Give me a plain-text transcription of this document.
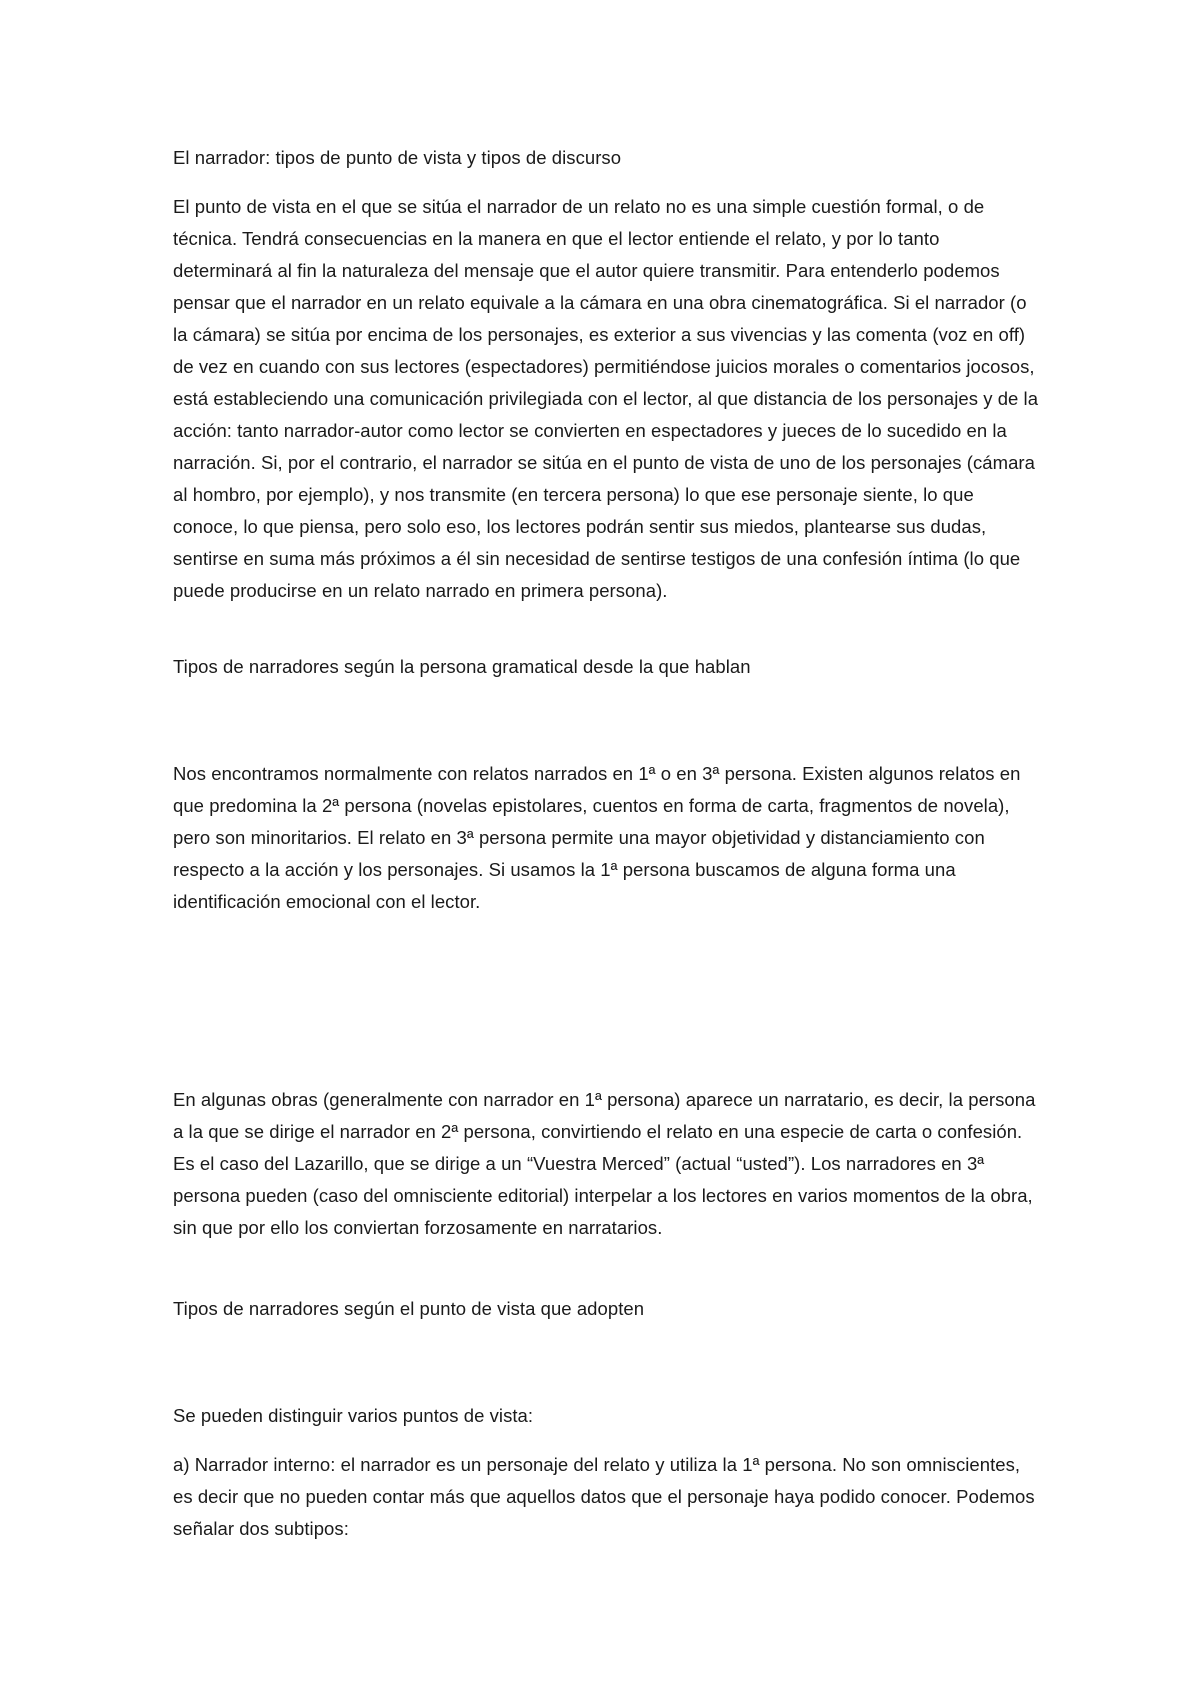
El narrador: tipos de punto de vista y tipos de discurso

El punto de vista en el que se sitúa el narrador de un relato no es una simple cuestión formal, o de técnica. Tendrá consecuencias en la manera en que el lector entiende el relato, y por lo tanto determinará al fin la naturaleza del mensaje que el autor quiere transmitir. Para entenderlo podemos pensar que el narrador en un relato equivale a la cámara en una obra cinematográfica. Si el narrador (o la cámara) se sitúa por encima de los personajes, es exterior a sus vivencias y las comenta (voz en off) de vez en cuando con sus lectores (espectadores) permitiéndose juicios morales o comentarios jocosos, está estableciendo una comunicación privilegiada con el lector, al que distancia de los personajes y de la acción: tanto narrador-autor como lector se convierten en espectadores y jueces de lo sucedido en la narración. Si, por el contrario, el narrador se sitúa en el punto de vista de uno de los personajes (cámara al hombro, por ejemplo), y nos transmite (en tercera persona) lo que ese personaje siente, lo que conoce, lo que piensa, pero solo eso, los lectores podrán sentir sus miedos, plantearse sus dudas, sentirse en suma más próximos a él sin necesidad de sentirse testigos de una confesión íntima (lo que puede producirse en un relato narrado en primera persona).

Tipos de narradores según la persona gramatical desde la que hablan

Nos encontramos normalmente con relatos narrados en 1ª o en 3ª persona. Existen algunos relatos en que predomina la 2ª persona (novelas epistolares, cuentos en forma de carta, fragmentos de novela), pero son minoritarios. El relato en 3ª persona permite una mayor objetividad y distanciamiento con respecto a la acción y los personajes. Si usamos la 1ª persona buscamos de alguna forma una identificación emocional con el lector.

En algunas obras (generalmente con narrador en 1ª persona) aparece un narratario, es decir, la persona a la que se dirige el narrador en 2ª persona, convirtiendo el relato en una especie de carta o confesión. Es el caso del Lazarillo, que se dirige a un “Vuestra Merced” (actual “usted”). Los narradores en 3ª persona pueden (caso del omnisciente editorial) interpelar a los lectores en varios momentos de la obra, sin que por ello los conviertan forzosamente en narratarios.

Tipos de narradores según el punto de vista que adopten

Se pueden distinguir varios puntos de vista:

a) Narrador interno: el narrador es un personaje del relato y utiliza la 1ª persona. No son omniscientes, es decir que no pueden contar más que aquellos datos que el personaje haya podido conocer. Podemos señalar dos subtipos:
